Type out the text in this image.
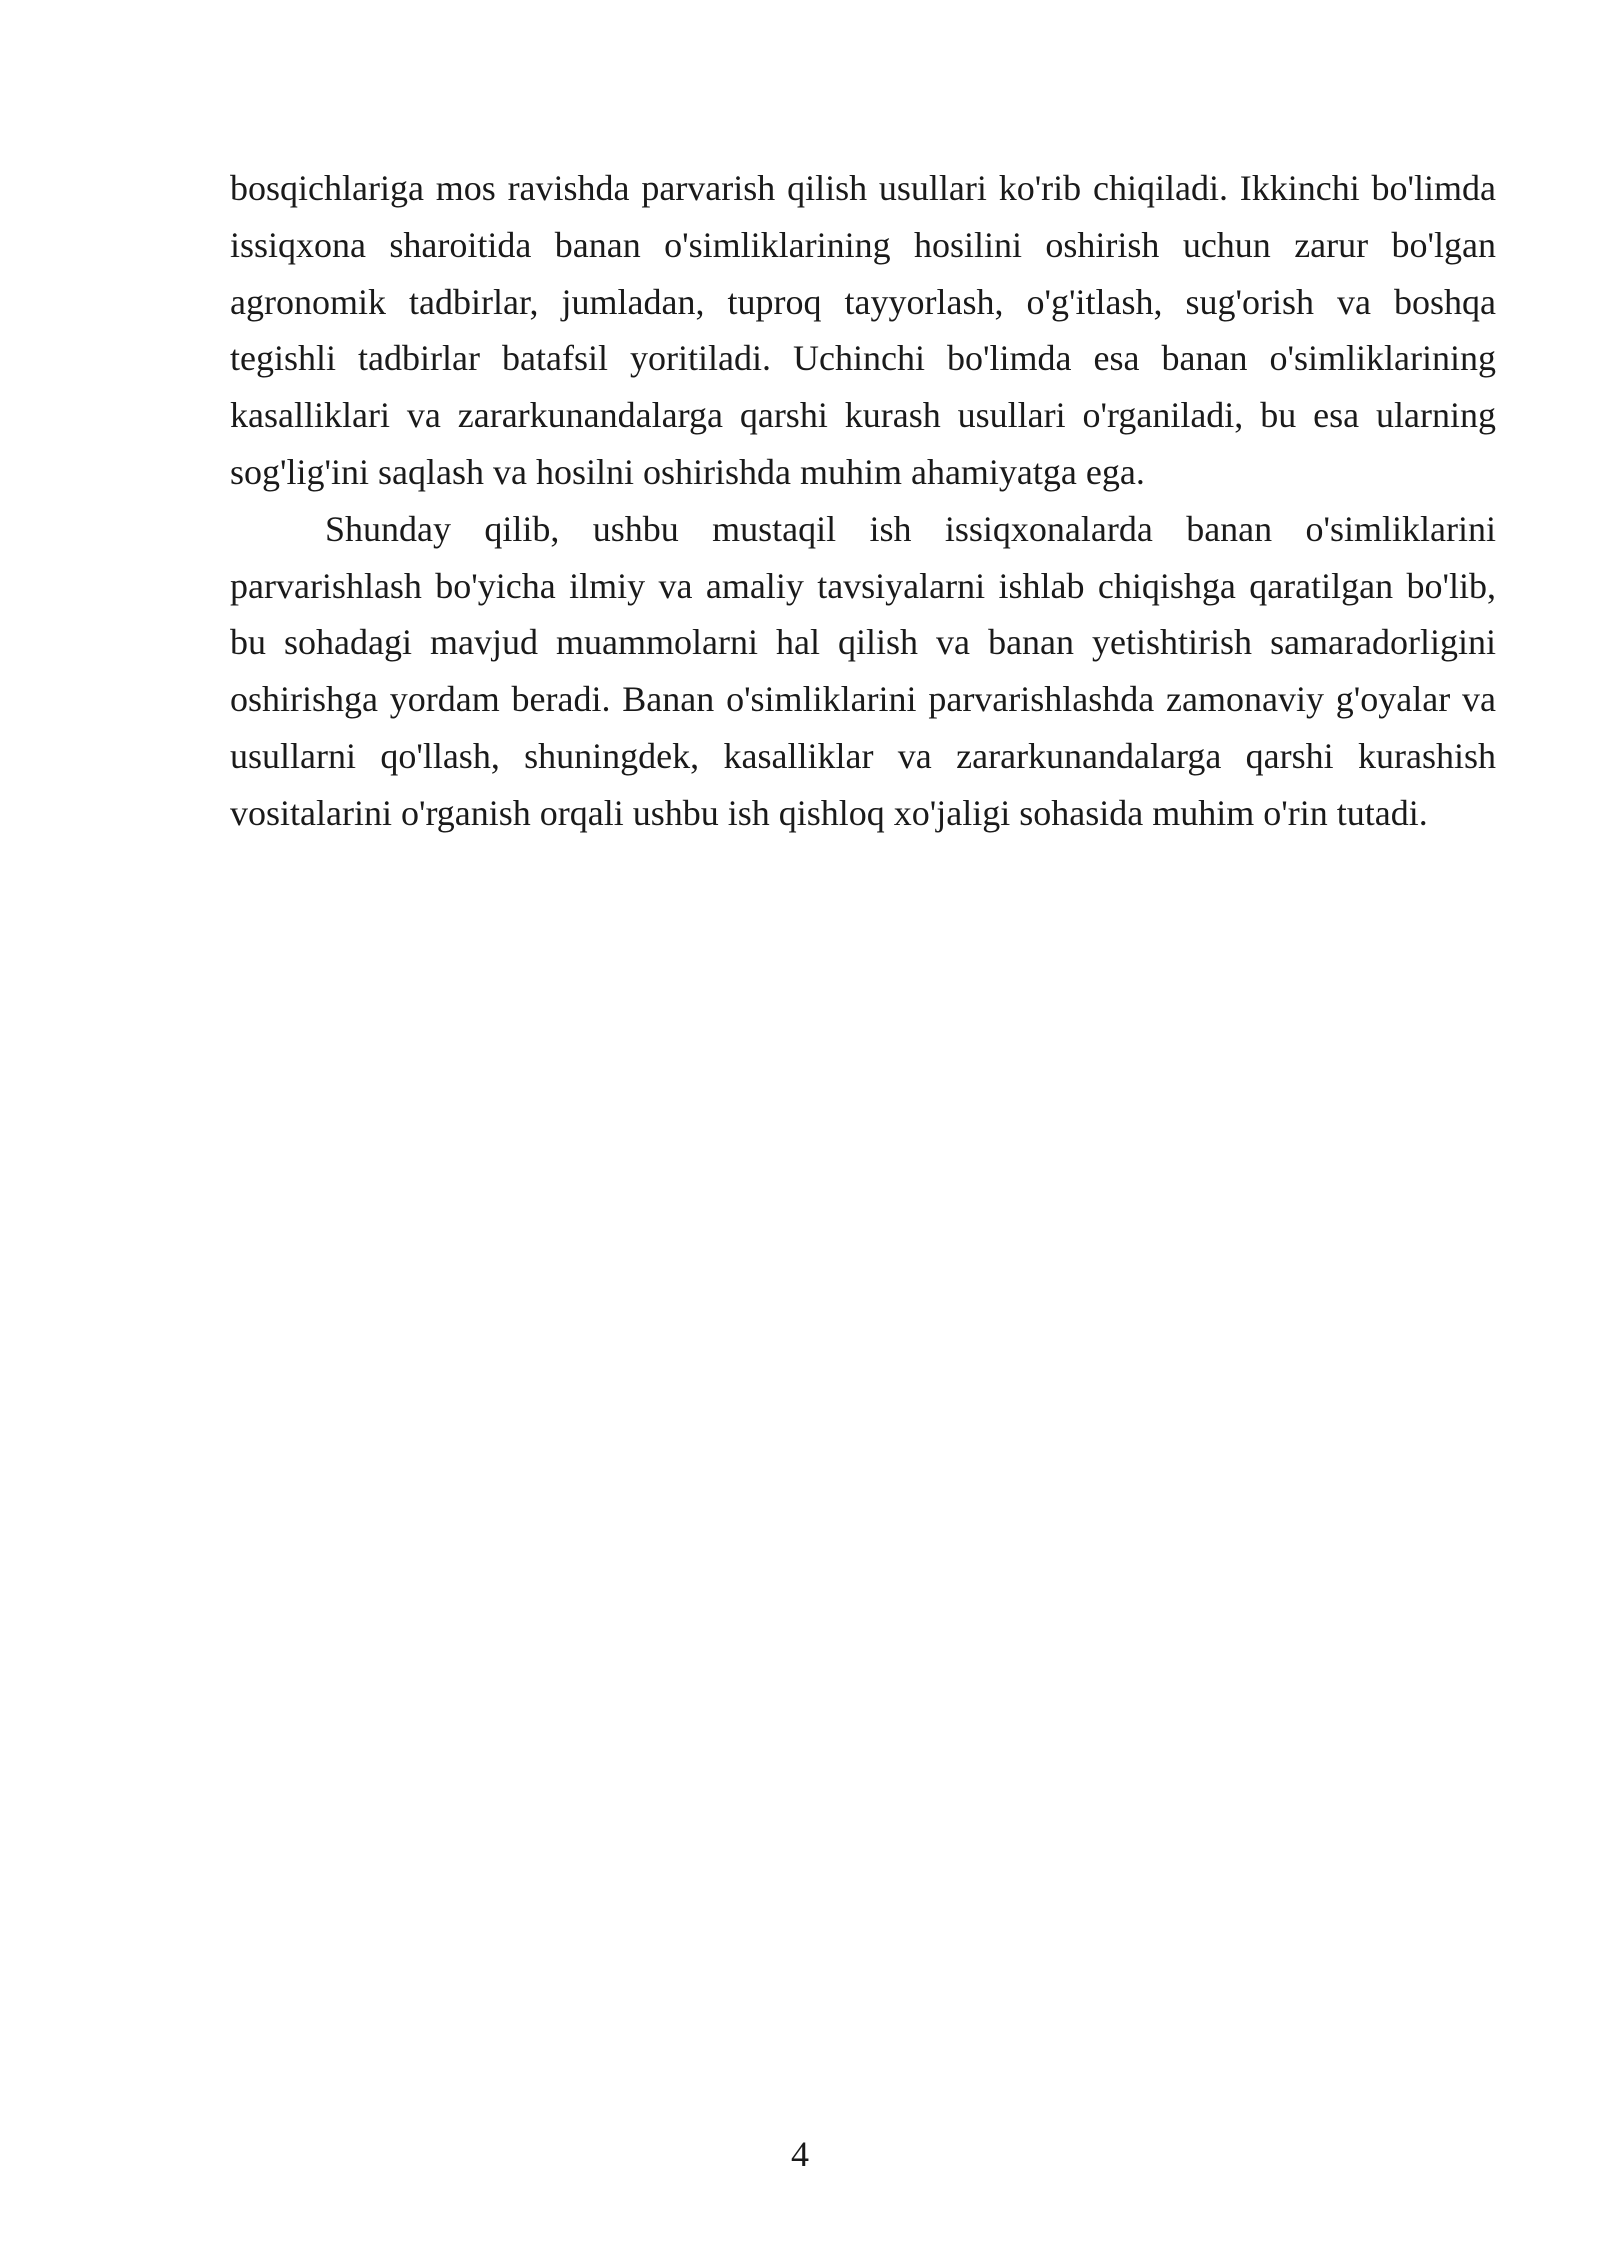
bosqichlariga mos ravishda parvarish qilish usullari ko'rib chiqiladi. Ikkinchi bo'limda issiqxona sharoitida banan o'simliklarining hosilini oshirish uchun zarur bo'lgan agronomik tadbirlar, jumladan, tuproq tayyorlash, o'g'itlash, sug'orish va boshqa tegishli tadbirlar batafsil yoritiladi. Uchinchi bo'limda esa banan o'simliklarining kasalliklari va zararkunandalarga qarshi kurash usullari o'rganiladi, bu esa ularning sog'lig'ini saqlash va hosilni oshirishda muhim ahamiyatga ega.

Shunday qilib, ushbu mustaqil ish issiqxonalarda banan o'simliklarini parvarishlash bo'yicha ilmiy va amaliy tavsiyalarni ishlab chiqishga qaratilgan bo'lib, bu sohadagi mavjud muammolarni hal qilish va banan yetishtirish samaradorligini oshirishga yordam beradi. Banan o'simliklarini parvarishlashda zamonaviy g'oyalar va usullarni qo'llash, shuningdek, kasalliklar va zararkunandalarga qarshi kurashish vositalarini o'rganish orqali ushbu ish qishloq xo'jaligi sohasida muhim o'rin tutadi.

4
